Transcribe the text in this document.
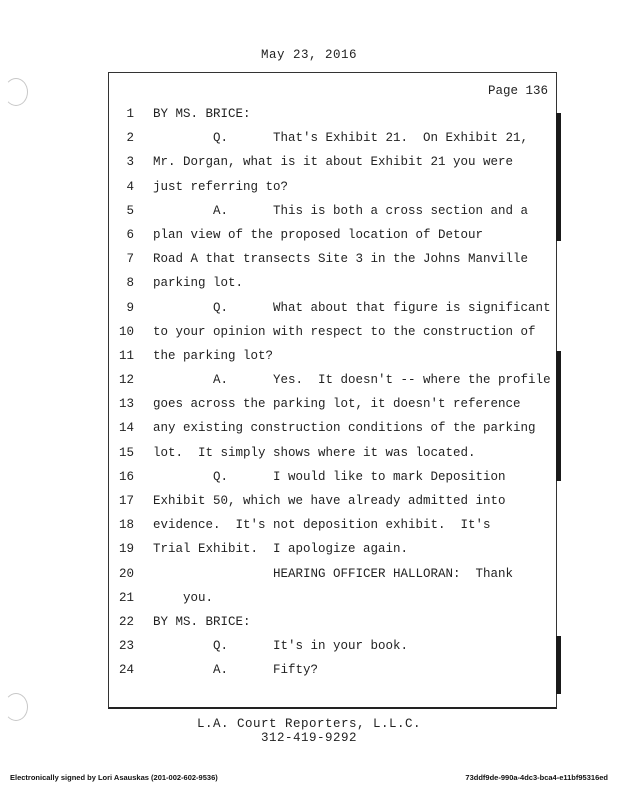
May 23, 2016
Page 136
1
2
3
4
5
6
7
8
9
10
11
12
13
14
15
16
17
18
19
20
21
22
23
24
BY MS. BRICE:
Q.      That's Exhibit 21.  On Exhibit 21,
Mr. Dorgan, what is it about Exhibit 21 you were
just referring to?
A.      This is both a cross section and a
plan view of the proposed location of Detour
Road A that transects Site 3 in the Johns Manville
parking lot.
Q.      What about that figure is significant
to your opinion with respect to the construction of
the parking lot?
A.      Yes.  It doesn't -- where the profile
goes across the parking lot, it doesn't reference
any existing construction conditions of the parking
lot.  It simply shows where it was located.
Q.      I would like to mark Deposition
Exhibit 50, which we have already admitted into
evidence.  It's not deposition exhibit.  It's
Trial Exhibit.  I apologize again.
HEARING OFFICER HALLORAN:  Thank
you.
BY MS. BRICE:
Q.      It's in your book.
A.      Fifty?
L.A. Court Reporters, L.L.C.
312-419-9292
Electronically signed by Lori Asauskas (201-002-602-9536)	73ddf9de-990a-4dc3-bca4-e11bf95316ed
